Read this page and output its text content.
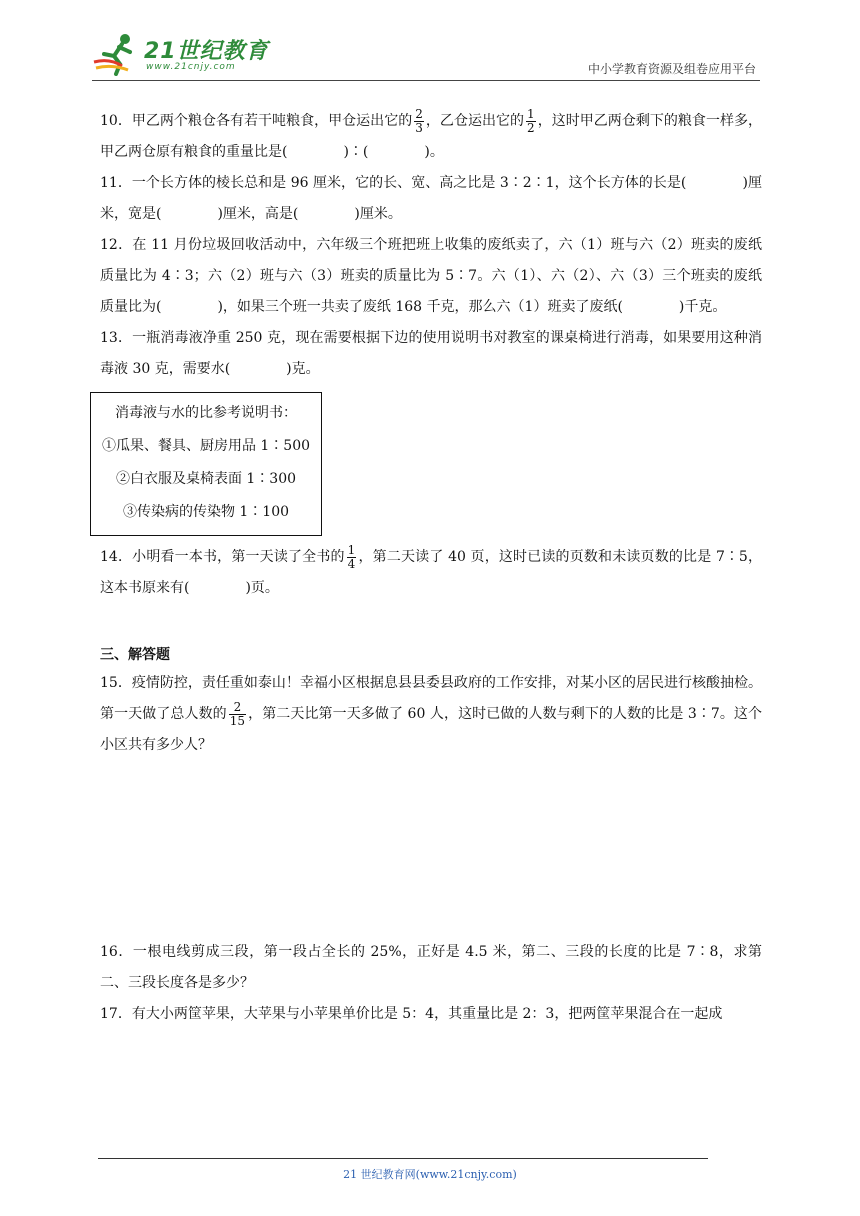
21世纪教育
www.21cnjy.com	中小学教育资源及组卷应用平台

10．甲乙两个粮仓各有若干吨粮食，甲仓运出它的 $\frac{2}{3}$ ，乙仓运出它的 $\frac{1}{2}$ ，这时甲乙两仓剩下的粮食一样多，甲乙两仓原有粮食的重量比是(　　　　)∶(　　　　)。

11．一个长方体的棱长总和是 96 厘米，它的长、宽、高之比是 3∶2∶1，这个长方体的长是(　　　　)厘米，宽是(　　　　)厘米，高是(　　　　)厘米。

12．在 11 月份垃圾回收活动中，六年级三个班把班上收集的废纸卖了，六（1）班与六（2）班卖的废纸质量比为 4∶3；六（2）班与六（3）班卖的质量比为 5∶7。六（1）、六（2）、六（3）三个班卖的废纸质量比为(　　　　)，如果三个班一共卖了废纸 168 千克，那么六（1）班卖了废纸(　　　　)千克。

13．一瓶消毒液净重 250 克，现在需要根据下边的使用说明书对教室的课桌椅进行消毒，如果要用这种消毒液 30 克，需要水(　　　　)克。

消毒液与水的比参考说明书：
①瓜果、餐具、厨房用品 1∶500
②白衣服及桌椅表面 1∶300
③传染病的传染物 1∶100

14．小明看一本书，第一天读了全书的 $\frac{1}{4}$ ，第二天读了 40 页，这时已读的页数和未读页数的比是 7∶5，这本书原来有(　　　　)页。

三、解答题

15．疫情防控，责任重如泰山！幸福小区根据息县县委县政府的工作安排，对某小区的居民进行核酸抽检。第一天做了总人数的 $\frac{2}{15}$ ，第二天比第一天多做了 60 人，这时已做的人数与剩下的人数的比是 3∶7。这个小区共有多少人？

16．一根电线剪成三段，第一段占全长的 25%，正好是 4.5 米，第二、三段的长度的比是 7∶8，求第二、三段长度各是多少？

17．有大小两筐苹果，大苹果与小苹果单价比是 5：4，其重量比是 2：3，把两筐苹果混合在一起成

21 世纪教育网(www.21cnjy.com)
